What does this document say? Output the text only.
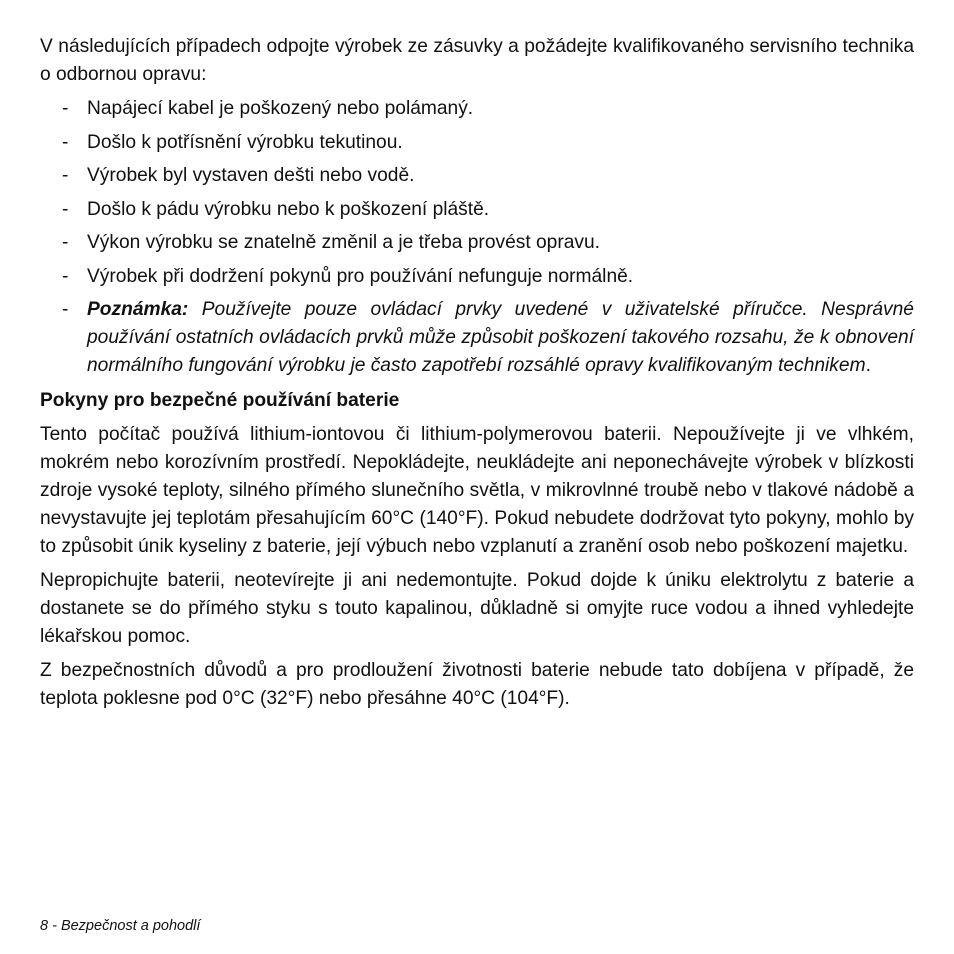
V následujících případech odpojte výrobek ze zásuvky a požádejte kvalifikovaného servisního technika o odbornou opravu:

- Napájecí kabel je poškozený nebo polámaný.
- Došlo k potřísnění výrobku tekutinou.
- Výrobek byl vystaven dešti nebo vodě.
- Došlo k pádu výrobku nebo k poškození pláště.
- Výkon výrobku se znatelně změnil a je třeba provést opravu.
- Výrobek při dodržení pokynů pro používání nefunguje normálně.
- Poznámka: Používejte pouze ovládací prvky uvedené v uživatelské příručce. Nesprávné používání ostatních ovládacích prvků může způsobit poškození takového rozsahu, že k obnovení normálního fungování výrobku je často zapotřebí rozsáhlé opravy kvalifikovaným technikem.

Pokyny pro bezpečné používání baterie

Tento počítač používá lithium-iontovou či lithium-polymerovou baterii. Nepoužívejte ji ve vlhkém, mokrém nebo korozívním prostředí. Nepokládejte, neukládejte ani neponechávejte výrobek v blízkosti zdroje vysoké teploty, silného přímého slunečního světla, v mikrovlnné troubě nebo v tlakové nádobě a nevystavujte jej teplotám přesahujícím 60°C (140°F). Pokud nebudete dodržovat tyto pokyny, mohlo by to způsobit únik kyseliny z baterie, její výbuch nebo vzplanutí a zranění osob nebo poškození majetku.

Nepropichujte baterii, neotevírejte ji ani nedemontujte. Pokud dojde k úniku elektrolytu z baterie a dostanete se do přímého styku s touto kapalinou, důkladně si omyjte ruce vodou a ihned vyhledejte lékařskou pomoc.

Z bezpečnostních důvodů a pro prodloužení životnosti baterie nebude tato dobíjena v případě, že teplota poklesne pod 0°C (32°F) nebo přesáhne 40°C (104°F).

8 - Bezpečnost a pohodlí
